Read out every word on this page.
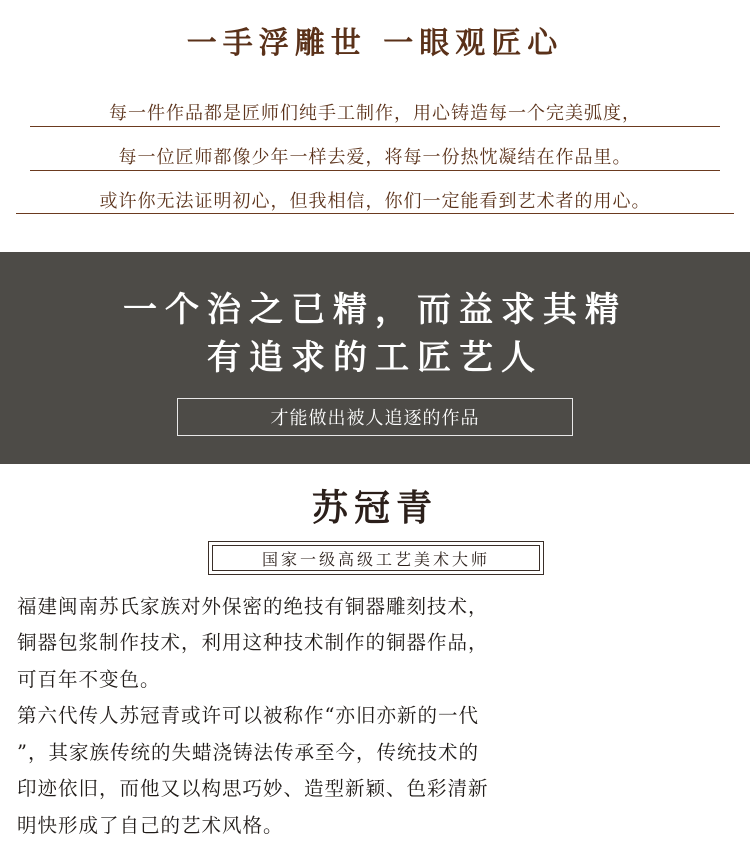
一手浮雕世 一眼观匠心
每一件作品都是匠师们纯手工制作，用心铸造每一个完美弧度，
每一位匠师都像少年一样去爱，将每一份热忱凝结在作品里。
或许你无法证明初心，但我相信，你们一定能看到艺术者的用心。
一个治之已精，而益求其精
有追求的工匠艺人
才能做出被人追逐的作品
苏冠青
国家一级高级工艺美术大师
福建闽南苏氏家族对外保密的绝技有铜器雕刻技术，
铜器包浆制作技术，利用这种技术制作的铜器作品，
可百年不变色。
第六代传人苏冠青或许可以被称作“亦旧亦新的一代
”，其家族传统的失蜡浇铸法传承至今，传统技术的
印迹依旧，而他又以构思巧妙、造型新颖、色彩清新
明快形成了自己的艺术风格。
